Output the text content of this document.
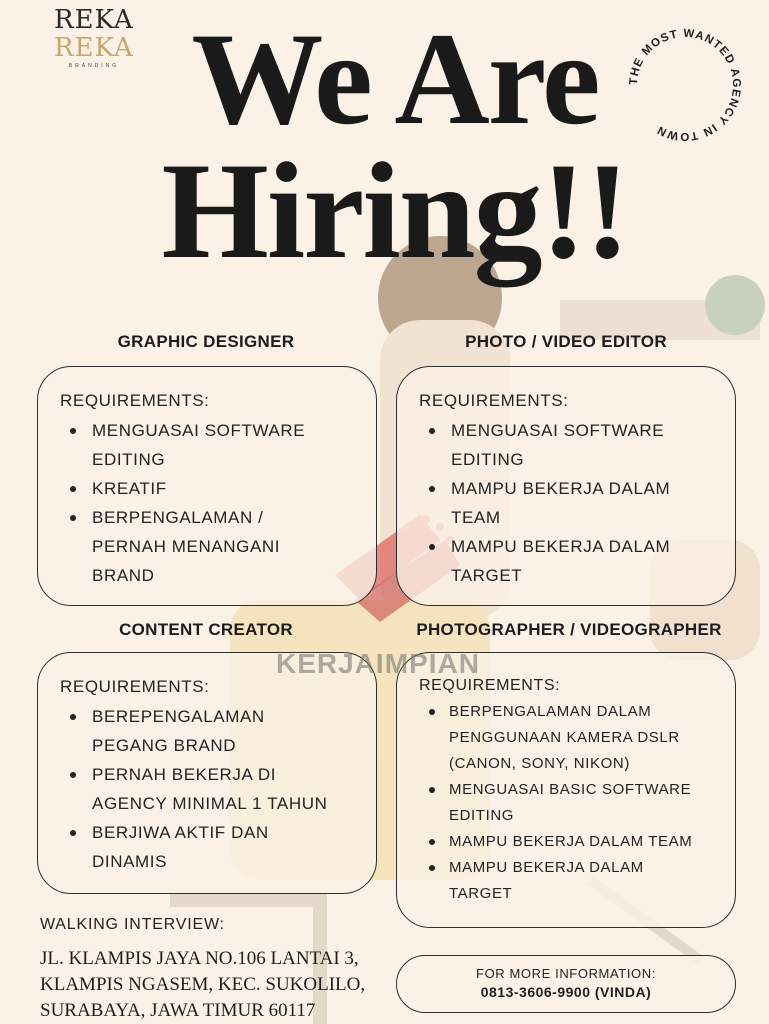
REKA
REKA
BRANDING We Are
Hiring!!
THE MOST WANTED AGENCY IN TOWN
GRAPHIC DESIGNER
REQUIREMENTS:
MENGUASAI SOFTWARE
EDITING
KREATIF
BERPENGALAMAN /
PERNAH MENANGANI
BRAND
PHOTO / VIDEO EDITOR
REQUIREMENTS:
MENGUASAI SOFTWARE
EDITING
MAMPU BEKERJA DALAM
TEAM
MAMPU BEKERJA DALAM
TARGET
CONTENT CREATOR
REQUIREMENTS:
BEREPENGALAMAN
PEGANG BRAND
PERNAH BEKERJA DI
AGENCY MINIMAL 1 TAHUN
BERJIWA AKTIF DAN
DINAMIS
PHOTOGRAPHER / VIDEOGRAPHER
REQUIREMENTS:
BERPENGALAMAN DALAM
PENGGUNAAN KAMERA DSLR
(CANON, SONY, NIKON)
MENGUASAI BASIC SOFTWARE
EDITING
MAMPU BEKERJA DALAM TEAM
MAMPU BEKERJA DALAM
TARGET
KERJAIMPIAN
WALKING INTERVIEW:
JL. KLAMPIS JAYA NO.106 LANTAI 3,
KLAMPIS NGASEM, KEC. SUKOLILO,
SURABAYA, JAWA TIMUR 60117
FOR MORE INFORMATION:
0813-3606-9900 (VINDA)
